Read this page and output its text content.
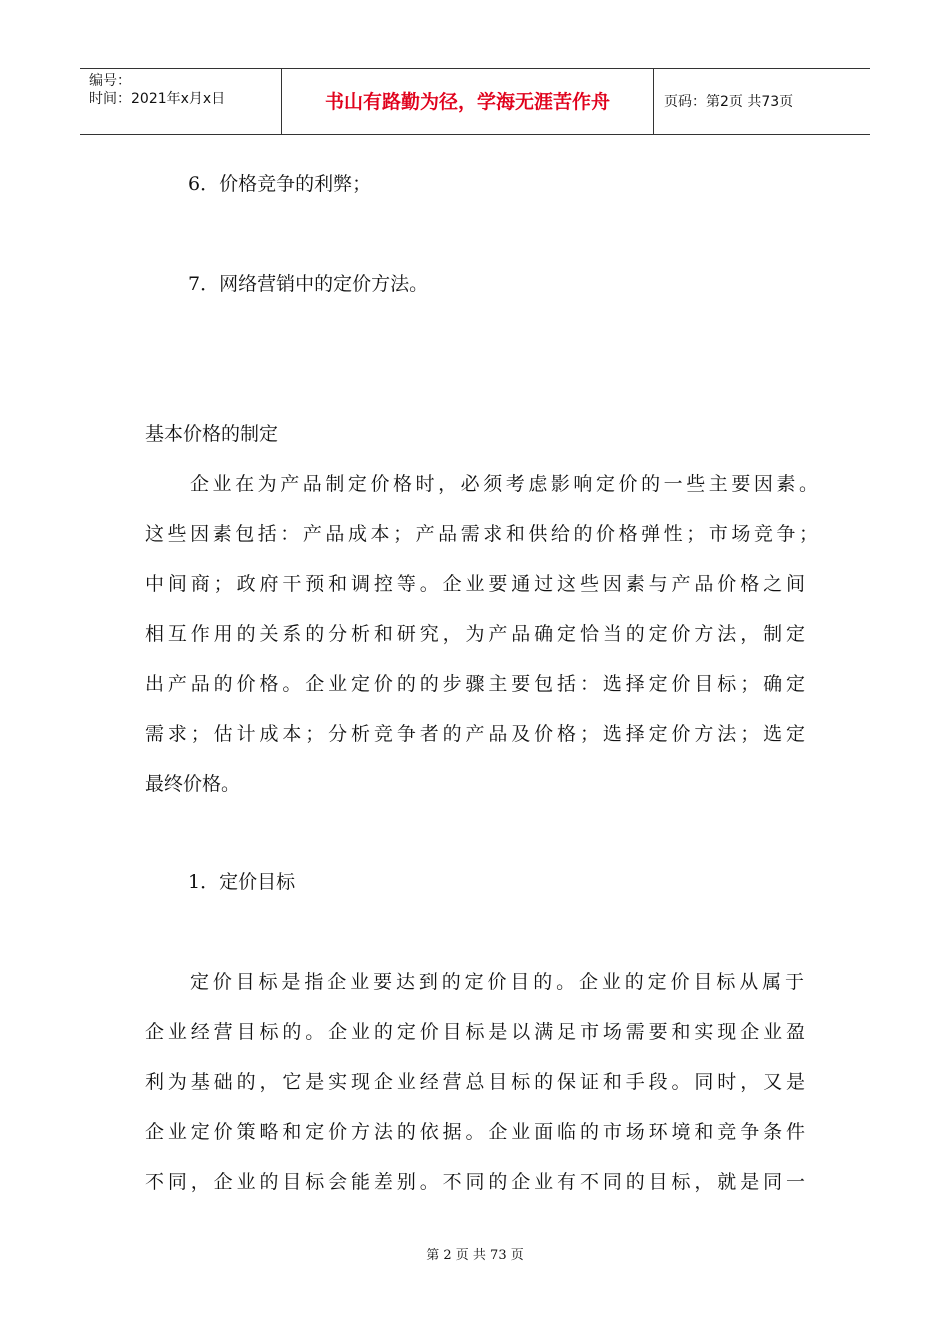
编号：
时间：2021年x月x日	书山有路勤为径，学海无涯苦作舟	页码：第2页 共73页
6．价格竞争的利弊；
7．网络营销中的定价方法。
基本价格的制定
企业在为产品制定价格时，必须考虑影响定价的一些主要因素。
这些因素包括：产品成本；产品需求和供给的价格弹性；市场竞争；
中间商；政府干预和调控等。企业要通过这些因素与产品价格之间
相互作用的关系的分析和研究，为产品确定恰当的定价方法，制定
出产品的价格。企业定价的的步骤主要包括：选择定价目标；确定
需求；估计成本；分析竞争者的产品及价格；选择定价方法；选定
最终价格。
1．定价目标
定价目标是指企业要达到的定价目的。企业的定价目标从属于
企业经营目标的。企业的定价目标是以满足市场需要和实现企业盈
利为基础的，它是实现企业经营总目标的保证和手段。同时，又是
企业定价策略和定价方法的依据。企业面临的市场环境和竞争条件
不同，企业的目标会能差别。不同的企业有不同的目标，就是同一
第 2 页 共 73 页
